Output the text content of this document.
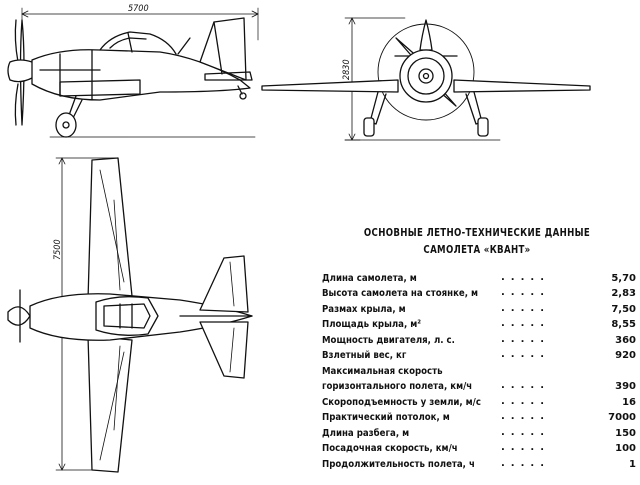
5700
2830
7500
ОСНОВНЫЕ ЛЕТНО-ТЕХНИЧЕСКИЕ ДАННЫЕ
САМОЛЕТА «КВАНТ»
Длина самолета, м .....	5,70
Высота самолета на стоянке, м .....	2,83
Размах крыла, м .....	7,50
Площадь крыла, м² .....	8,55
Мощность двигателя, л. с. .....	360
Взлетный вес, кг .....	920
Максимальная скорость	
горизонтального полета, км/ч .....	390
Скороподъемность у земли, м/с .....	16
Практический потолок, м .....	7000
Длина разбега, м .....	150
Посадочная скорость, км/ч .....	100
Продолжительность полета, ч .....	1
